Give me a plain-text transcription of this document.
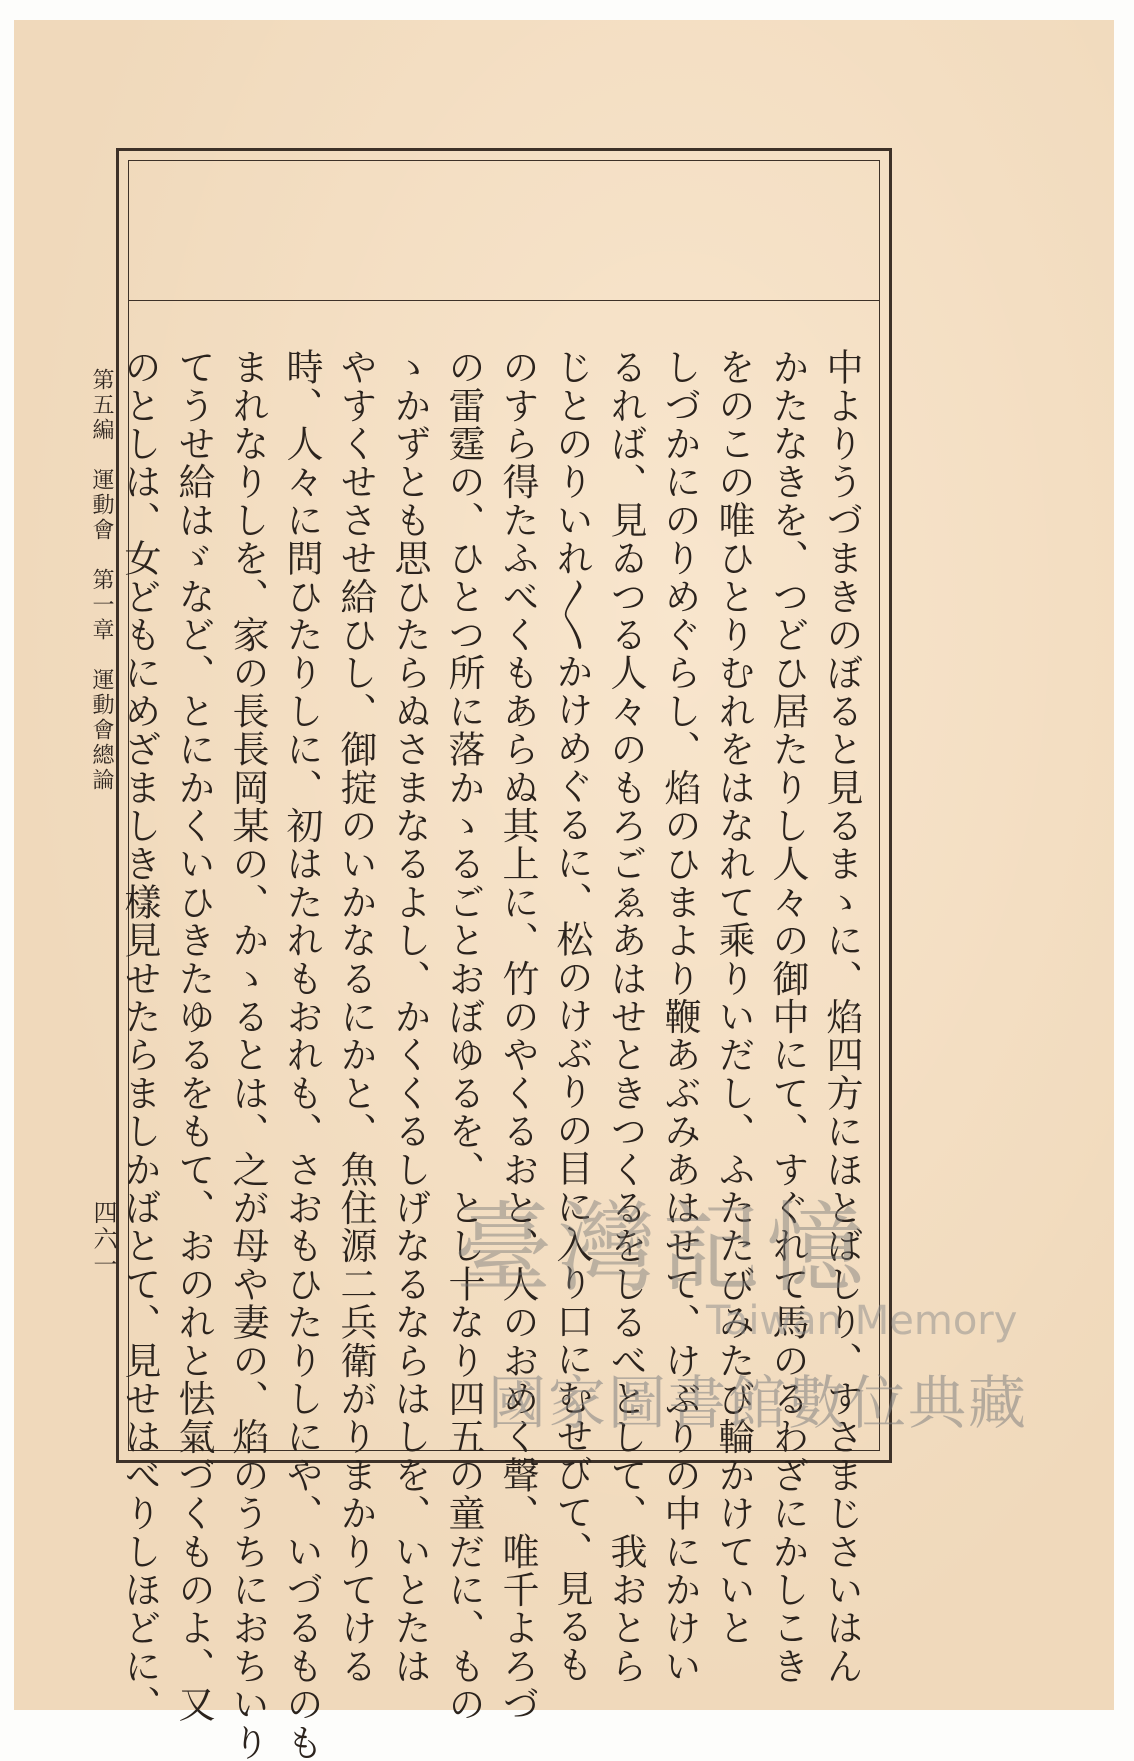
第五編　運動會　第一章　運動會總論
四六一	中よりうづまきのぼると見るまゝに、焰四方にほとばしり、すさまじさいはん
かたなきを、つどひ居たりし人々の御中にて、すぐれて馬のるわざにかしこき
をのこの唯ひとりむれをはなれて乘りいだし、ふたたびみたび輪かけていと
しづかにのりめぐらし、焰のひまより鞭あぶみあはせて、けぶりの中にかけい
るれば、見ゐつる人々のもろごゑあはせときつくるをしるべとして、我おとら
じとのりいれ〳〵かけめぐるに、松のけぶりの目に入り口にむせびて、見るも
のすら得たふべくもあらぬ其上に、竹のやくるおと、人のおめく聲、唯千よろづ
の雷霆の、ひとつ所に落かゝるごとおぼゆるを、とし十なり四五の童だに、もの
ゝかずとも思ひたらぬさまなるよし、かくくるしげなるならはしを、いとたは
やすくせさせ給ひし、御掟のいかなるにかと、魚住源二兵衛がりまかりてける
時、人々に問ひたりしに、初はたれもおれも、さおもひたりしにや、いづるものも
まれなりしを、家の長長岡某の、かゝるとは、之が母や妻の、焰のうちにおちいり
てうせ給はゞなど、とにかくいひきたゆるをもて、おのれと怯氣づくものよ、又
のとしは、女どもにめざましき樣見せたらましかばとて、見せはべりしほどに、	臺灣記憶
Taiwan Memory
國家圖書館數位典藏
